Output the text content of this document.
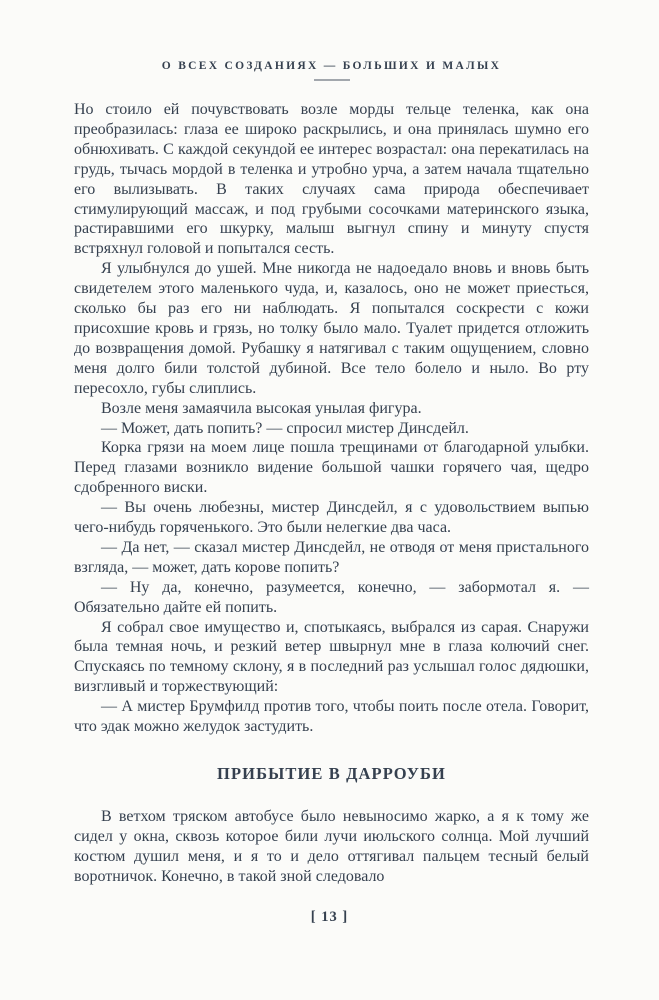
О ВСЕХ СОЗДАНИЯХ — БОЛЬШИХ И МАЛЫХ

Но стоило ей почувствовать возле морды тельце теленка, как она преобразилась: глаза ее широко раскрылись, и она принялась шумно его обнюхивать. С каждой секундой ее интерес возрастал: она перекатилась на грудь, тычась мордой в теленка и утробно урча, а затем начала тщательно его вылизывать. В таких случаях сама природа обеспечивает стимулирующий массаж, и под грубыми сосочками материнского языка, растиравшими его шкурку, малыш выгнул спину и минуту спустя встряхнул головой и попытался сесть.

Я улыбнулся до ушей. Мне никогда не надоедало вновь и вновь быть свидетелем этого маленького чуда, и, казалось, оно не может приесться, сколько бы раз его ни наблюдать. Я попытался соскрести с кожи присохшие кровь и грязь, но толку было мало. Туалет придется отложить до возвращения домой. Рубашку я натягивал с таким ощущением, словно меня долго били толстой дубиной. Все тело болело и ныло. Во рту пересохло, губы слиплись.

Возле меня замаячила высокая унылая фигура.

— Может, дать попить? — спросил мистер Динсдейл.

Корка грязи на моем лице пошла трещинами от благодарной улыбки. Перед глазами возникло видение большой чашки горячего чая, щедро сдобренного виски.

— Вы очень любезны, мистер Динсдейл, я с удовольствием выпью чего-нибудь горяченького. Это были нелегкие два часа.

— Да нет, — сказал мистер Динсдейл, не отводя от меня пристального взгляда, — может, дать корове попить?

— Ну да, конечно, разумеется, конечно, — забормотал я. — Обязательно дайте ей попить.

Я собрал свое имущество и, спотыкаясь, выбрался из сарая. Снаружи была темная ночь, и резкий ветер швырнул мне в глаза колючий снег. Спускаясь по темному склону, я в последний раз услышал голос дядюшки, визгливый и торжествующий:

— А мистер Брумфилд против того, чтобы поить после отела. Говорит, что эдак можно желудок застудить.

ПРИБЫТИЕ В ДАРРОУБИ

В ветхом тряском автобусе было невыносимо жарко, а я к тому же сидел у окна, сквозь которое били лучи июльского солнца. Мой лучший костюм душил меня, и я то и дело оттягивал пальцем тесный белый воротничок. Конечно, в такой зной следовало

[ 13 ]
